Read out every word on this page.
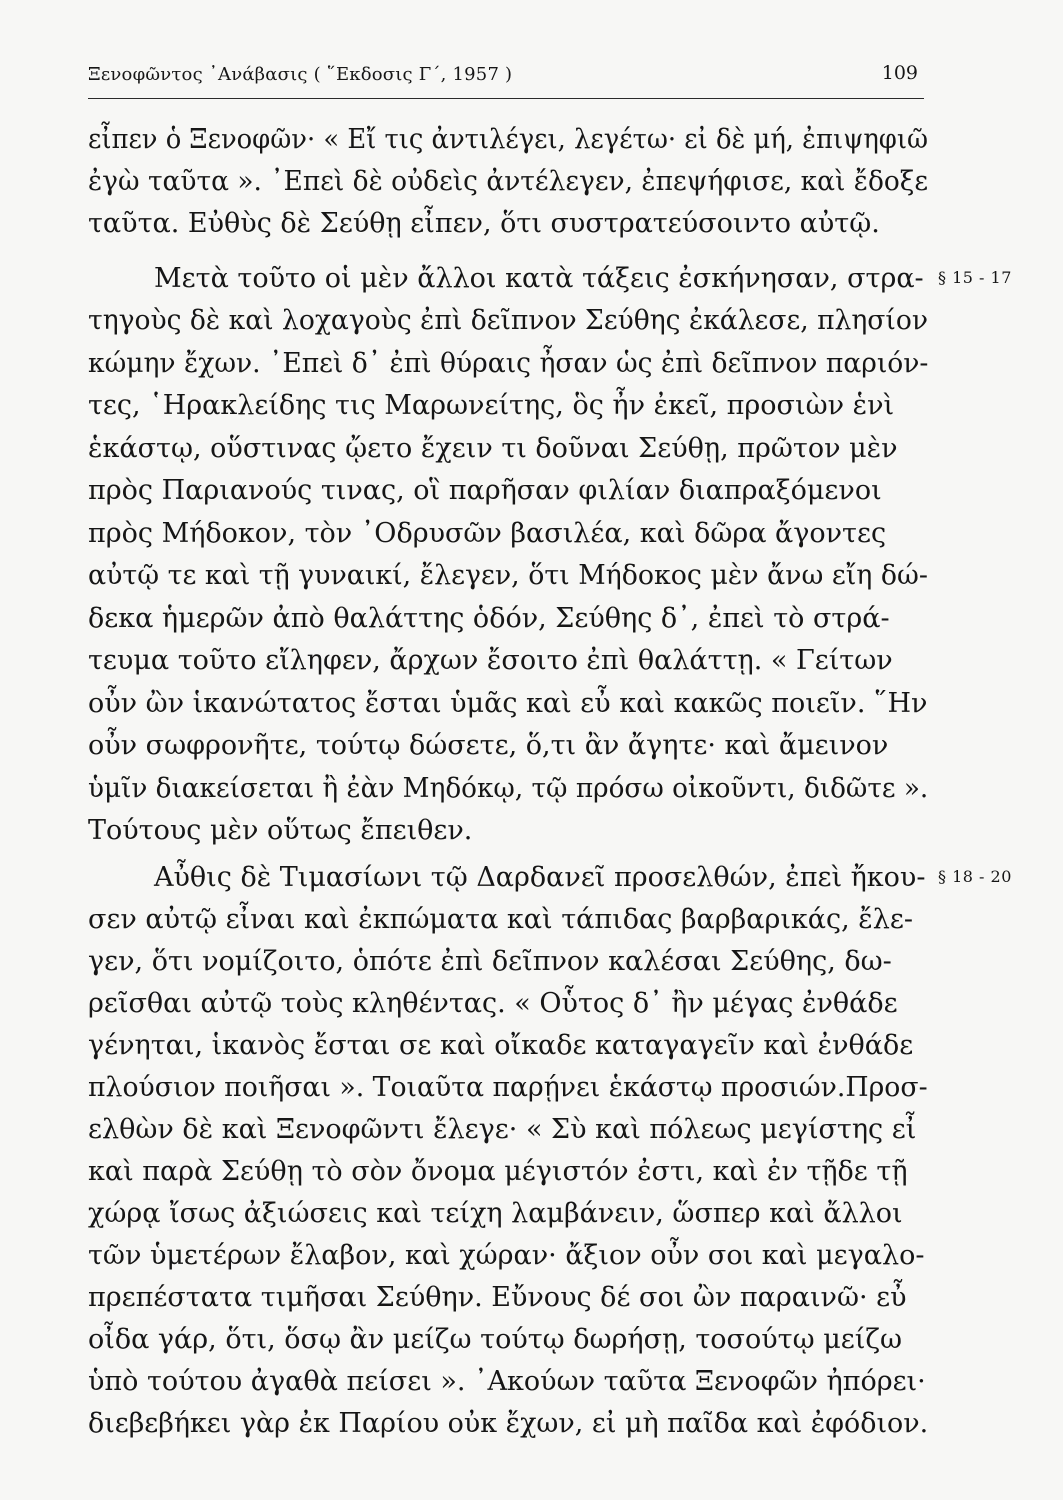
Ξενοφῶντος ᾿Ανάβασις ( ῞Εκδοσις Γ΄, 1957 )	109
εἶπεν ὁ Ξενοφῶν· « Εἴ τις ἀντιλέγει, λεγέτω· εἰ δὲ μή, ἐπιψηφιῶ
ἐγὼ ταῦτα ». ᾿Επεὶ δὲ οὐδεὶς ἀντέλεγεν, ἐπεψήφισε, καὶ ἔδοξε
ταῦτα. Εὐθὺς δὲ Σεύθῃ εἶπεν, ὅτι συστρατεύσοιντο αὐτῷ.
Μετὰ τοῦτο οἱ μὲν ἄλλοι κατὰ τάξεις ἐσκήνησαν, στρα-
τηγοὺς δὲ καὶ λοχαγοὺς ἐπὶ δεῖπνον Σεύθης ἐκάλεσε, πλησίον
κώμην ἔχων. ᾿Επεὶ δ᾿ ἐπὶ θύραις ἦσαν ὡς ἐπὶ δεῖπνον παριόν-
τες, ῾Ηρακλείδης τις Μαρωνείτης, ὃς ἦν ἐκεῖ, προσιὼν ἑνὶ
ἑκάστῳ, οὕστινας ᾤετο ἔχειν τι δοῦναι Σεύθῃ, πρῶτον μὲν
πρὸς Παριανούς τινας, οἳ παρῆσαν φιλίαν διαπραξόμενοι
πρὸς Μήδοκον, τὸν ᾿Οδρυσῶν βασιλέα, καὶ δῶρα ἄγοντες
αὐτῷ τε καὶ τῇ γυναικί, ἔλεγεν, ὅτι Μήδοκος μὲν ἄνω εἴη δώ-
δεκα ἡμερῶν ἀπὸ θαλάττης ὁδόν, Σεύθης δ᾿, ἐπεὶ τὸ στρά-
τευμα τοῦτο εἴληφεν, ἄρχων ἔσοιτο ἐπὶ θαλάττῃ. « Γείτων
οὖν ὢν ἱκανώτατος ἔσται ὑμᾶς καὶ εὖ καὶ κακῶς ποιεῖν. ῞Ην
οὖν σωφρονῆτε, τούτῳ δώσετε, ὅ,τι ἂν ἄγητε· καὶ ἄμεινον
ὑμῖν διακείσεται ἢ ἐὰν Μηδόκῳ, τῷ πρόσω οἰκοῦντι, διδῶτε ».
Τούτους μὲν οὕτως ἔπειθεν.
Αὖθις δὲ Τιμασίωνι τῷ Δαρδανεῖ προσελθών, ἐπεὶ ἤκου-
σεν αὐτῷ εἶναι καὶ ἐκπώματα καὶ τάπιδας βαρβαρικάς, ἔλε-
γεν, ὅτι νομίζοιτο, ὁπότε ἐπὶ δεῖπνον καλέσαι Σεύθης, δω-
ρεῖσθαι αὐτῷ τοὺς κληθέντας. « Οὗτος δ᾿ ἢν μέγας ἐνθάδε
γένηται, ἱκανὸς ἔσται σε καὶ οἴκαδε καταγαγεῖν καὶ ἐνθάδε
πλούσιον ποιῆσαι ». Τοιαῦτα παρῄνει ἑκάστῳ προσιών.Προσ-
ελθὼν δὲ καὶ Ξενοφῶντι ἔλεγε· « Σὺ καὶ πόλεως μεγίστης εἶ
καὶ παρὰ Σεύθῃ τὸ σὸν ὄνομα μέγιστόν ἐστι, καὶ ἐν τῇδε τῇ
χώρᾳ ἴσως ἀξιώσεις καὶ τείχη λαμβάνειν, ὥσπερ καὶ ἄλλοι
τῶν ὑμετέρων ἔλαβον, καὶ χώραν· ἄξιον οὖν σοι καὶ μεγαλο-
πρεπέστατα τιμῆσαι Σεύθην. Εὔνους δέ σοι ὢν παραινῶ· εὖ
οἶδα γάρ, ὅτι, ὅσῳ ἂν μείζω τούτῳ δωρήσῃ, τοσούτῳ μείζω
ὑπὸ τούτου ἀγαθὰ πείσει ». ᾿Ακούων ταῦτα Ξενοφῶν ἠπόρει·
διεβεβήκει γὰρ ἐκ Παρίου οὐκ ἔχων, εἰ μὴ παῖδα καὶ ἐφόδιον.
§ 15 - 17
§ 18 - 20
